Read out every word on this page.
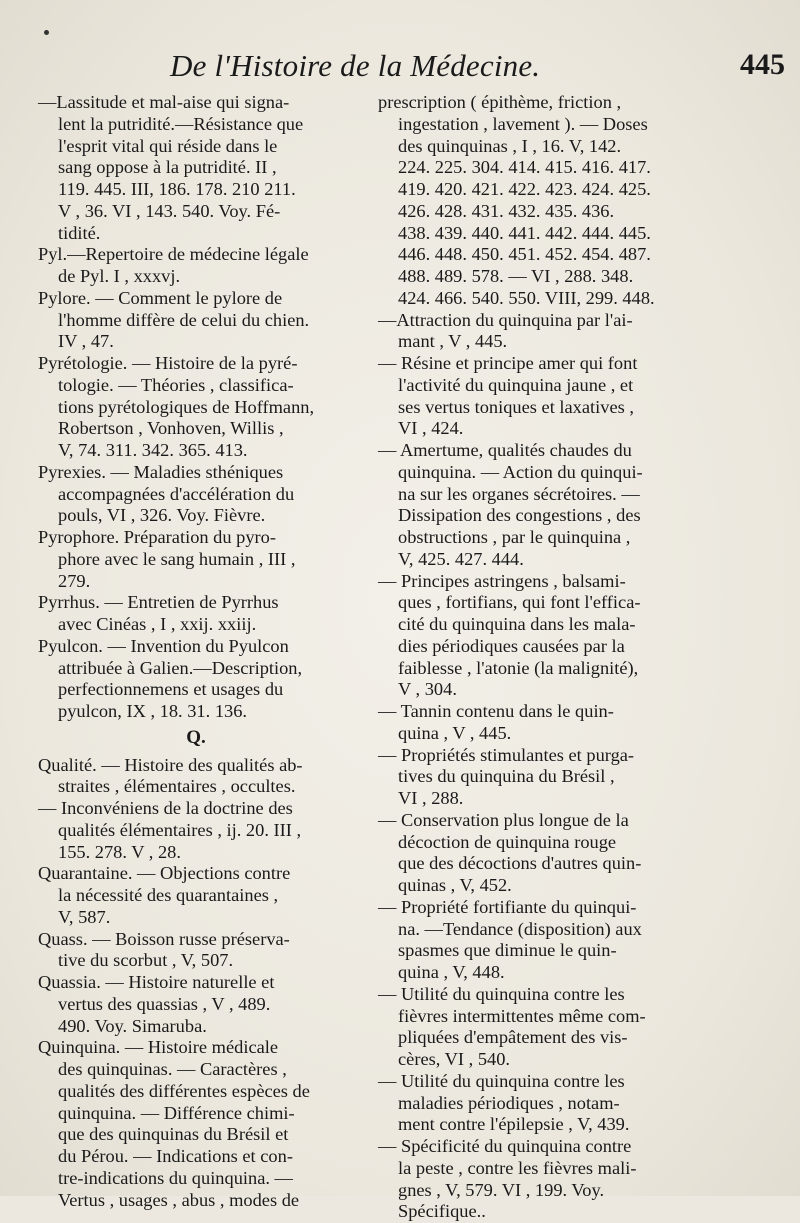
De l'Histoire de la Médecine.	445
—Lassitude et mal-aise qui signa-
lent la putridité.—Résistance que
l'esprit vital qui réside dans le
sang oppose à la putridité. II ,
119. 445. III, 186. 178. 210 211.
V , 36. VI , 143. 540. Voy. Fé-
tidité.
Pyl.—Repertoire de médecine légale
de Pyl. I , xxxvj.
Pylore. — Comment le pylore de
l'homme diffère de celui du chien.
IV , 47.
Pyrétologie. — Histoire de la pyré-
tologie. — Théories , classifica-
tions pyrétologiques de Hoffmann,
Robertson , Vonhoven, Willis ,
V, 74. 311. 342. 365. 413.
Pyrexies. — Maladies sthéniques
accompagnées d'accélération du
pouls, VI , 326. Voy. Fièvre.
Pyrophore. Préparation du pyro-
phore avec le sang humain , III ,
279.
Pyrrhus. — Entretien de Pyrrhus
avec Cinéas , I , xxij. xxiij.
Pyulcon. — Invention du Pyulcon
attribuée à Galien.—Description,
perfectionnemens et usages du
pyulcon, IX , 18. 31. 136.
Q.
Qualité. — Histoire des qualités ab-
straites , élémentaires , occultes.
— Inconvéniens de la doctrine des
qualités élémentaires , ij. 20. III ,
155. 278. V , 28.
Quarantaine. — Objections contre
la nécessité des quarantaines ,
V, 587.
Quass. — Boisson russe préserva-
tive du scorbut , V, 507.
Quassia. — Histoire naturelle et
vertus des quassias , V , 489.
490. Voy. Simaruba.
Quinquina. — Histoire médicale
des quinquinas. — Caractères ,
qualités des différentes espèces de
quinquina. — Différence chimi-
que des quinquinas du Brésil et
du Pérou. — Indications et con-
tre-indications du quinquina. —
Vertus , usages , abus , modes de
prescription ( épithème, friction ,
ingestation , lavement ). — Doses
des quinquinas , I , 16. V, 142.
224. 225. 304. 414. 415. 416. 417.
419. 420. 421. 422. 423. 424. 425.
426. 428. 431. 432. 435. 436.
438. 439. 440. 441. 442. 444. 445.
446. 448. 450. 451. 452. 454. 487.
488. 489. 578. — VI , 288. 348.
424. 466. 540. 550. VIII, 299. 448.
—Attraction du quinquina par l'ai-
mant , V , 445.
— Résine et principe amer qui font
l'activité du quinquina jaune , et
ses vertus toniques et laxatives ,
VI , 424.
— Amertume, qualités chaudes du
quinquina. — Action du quinqui-
na sur les organes sécrétoires. —
Dissipation des congestions , des
obstructions , par le quinquina ,
V, 425. 427. 444.
— Principes astringens , balsami-
ques , fortifians, qui font l'effica-
cité du quinquina dans les mala-
dies périodiques causées par la
faiblesse , l'atonie (la malignité),
V , 304.
— Tannin contenu dans le quin-
quina , V , 445.
— Propriétés stimulantes et purga-
tives du quinquina du Brésil ,
VI , 288.
— Conservation plus longue de la
décoction de quinquina rouge
que des décoctions d'autres quin-
quinas , V, 452.
— Propriété fortifiante du quinqui-
na. —Tendance (disposition) aux
spasmes que diminue le quin-
quina , V, 448.
— Utilité du quinquina contre les
fièvres intermittentes même com-
pliquées d'empâtement des vis-
cères, VI , 540.
— Utilité du quinquina contre les
maladies périodiques , notam-
ment contre l'épilepsie , V, 439.
— Spécificité du quinquina contre
la peste , contre les fièvres mali-
gnes , V, 579. VI , 199. Voy.
Spécifique..
